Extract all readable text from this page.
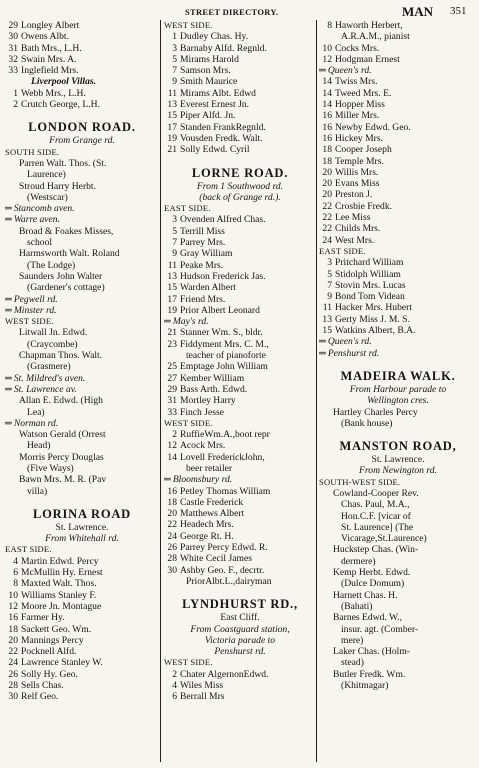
STREET DIRECTORY.	MAN 351
29 Longley Albert
30 Owens Albt.
31 Bath Mrs., L.H.
32 Swain Mrs. A.
33 Inglefield Mrs.
Liverpool Villas.
1 Webb Mrs., L.H.
2 Crutch George, L.H.
LONDON ROAD.
From Grange rd.
SOUTH SIDE.
Parren Walt. Thos. (St.
Laurence)
Stroud Harry Herbt.
(Westscar)
═ Stancomb aven.
═ Warre aven.
Broad & Foakes Misses,
school
Harmsworth Walt. Roland
(The Lodge)
Saunders John Walter
(Gardener's cottage)
═ Pegwell rd.
═ Minster rd.
WEST SIDE.
Litwall Jn. Edwd.
(Craycombe)
Chapman Thos. Walt.
(Grasmere)
═ St. Mildred's aven.
═ St. Lawrence av.
Allan E. Edwd. (High
Lea)
═ Norman rd.
Watson Gerald (Orrest
Head)
Morris Percy Douglas
(Five Ways)
Bawn Mrs. M. R. (Pav
villa)
LORINA ROAD
St. Lawrence.
From Whitehall rd.
EAST SIDE.
4 Martin Edwd. Percy
6 McMullin Hy. Ernest
8 Maxted Walt. Thos.
10 Williams Stanley F.
12 Moore Jn. Montague
16 Farmer Hy.
18 Sackett Geo. Wm.
20 Mannings Percy
22 Pocknell Alfd.
24 Lawrence Stanley W.
26 Solly Hy. Geo.
28 Sells Chas.
30 Relf Geo.
WEST SIDE.
1 Dudley Chas. Hy.
3 Barnaby Alfd. Regnld.
5 Mirams Harold
7 Samson Mrs.
9 Smith Maurice
11 Mirams Albt. Edwd
13 Everest Ernest Jn.
15 Piper Alfd. Jn.
17 Standen FrankRegnld.
19 Vousden Fredk. Walt.
21 Solly Edwd. Cyril
LORNE ROAD.
From 1 Southwood rd.
(back of Grange rd.).
EAST SIDE.
3 Ovenden Alfred Chas.
5 Terrill Miss
7 Parrey Mrs.
9 Gray William
11 Peake Mrs.
13 Hudson Frederick Jas.
15 Warden Albert
17 Friend Mrs.
19 Prior Albert Leonard
═ May's rd.
21 Stanner Wm. S., bldr.
23 Fiddyment Mrs. C. M.,
teacher of pianoforte
25 Emptage John William
27 Kember William
29 Bass Arth. Edwd.
31 Mortley Harry
33 Finch Jesse
WEST SIDE.
2 RuffieWm.A.,boot repr
12 Acock Mrs.
14 Lovell FrederickJohn,
beer retailer
═ Bloomsbury rd.
16 Petley Thomas William
18 Castle Frederick
20 Matthews Albert
22 Headech Mrs.
24 George Rt. H.
26 Parrey Percy Edwd. R.
28 White Cecil James
30 Ashby Geo. F., decrtr.
PriorAlbt.L.,dairyman
LYNDHURST RD.,
East Cliff.
From Coastguard station,
Victoria parade to
Penshurst rd.
WEST SIDE.
2 Chater AlgernonEdwd.
4 Wiles Miss
6 Berrall Mrs
8 Haworth Herbert,
A.R.A.M., pianist
10 Cocks Mrs.
12 Hodgman Ernest
═ Queen's rd.
14 Twiss Mrs.
14 Tweed Mrs. E.
14 Hopper Miss
16 Miller Mrs.
16 Newby Edwd. Geo.
16 Hickey Mrs.
18 Cooper Joseph
18 Temple Mrs.
20 Willis Mrs.
20 Evans Miss
20 Preston J.
22 Crosbie Fredk.
22 Lee Miss
22 Childs Mrs.
24 West Mrs.
EAST SIDE.
3 Pritchard William
5 Stidolph William
7 Stovin Mrs. Lucas
9 Bond Tom Videan
11 Hacker Mrs. Hubert
13 Gerty Miss J. M. S.
15 Watkins Albert, B.A.
═ Queen's rd.
═ Penshurst rd.
MADEIRA WALK.
From Harbour parade to
Wellington cres.
Hartley Charles Percy
(Bank house)
MANSTON ROAD,
St. Lawrence.
From Newington rd.
SOUTH-WEST SIDE.
Cowland-Cooper Rev.
Chas. Paul, M.A.,
Hon.C.F. [vicar of
St. Laurence] (The
Vicarage,St.Laurence)
Huckstep Chas. (Win-
dermere)
Kemp Herbt. Edwd.
(Dulce Domum)
Harnett Chas. H.
(Bahati)
Barnes Edwd. W.,
insur. agt. (Comber-
mere)
Laker Chas. (Holm-
stead)
Butler Fredk. Wm.
(Khitmagar)
